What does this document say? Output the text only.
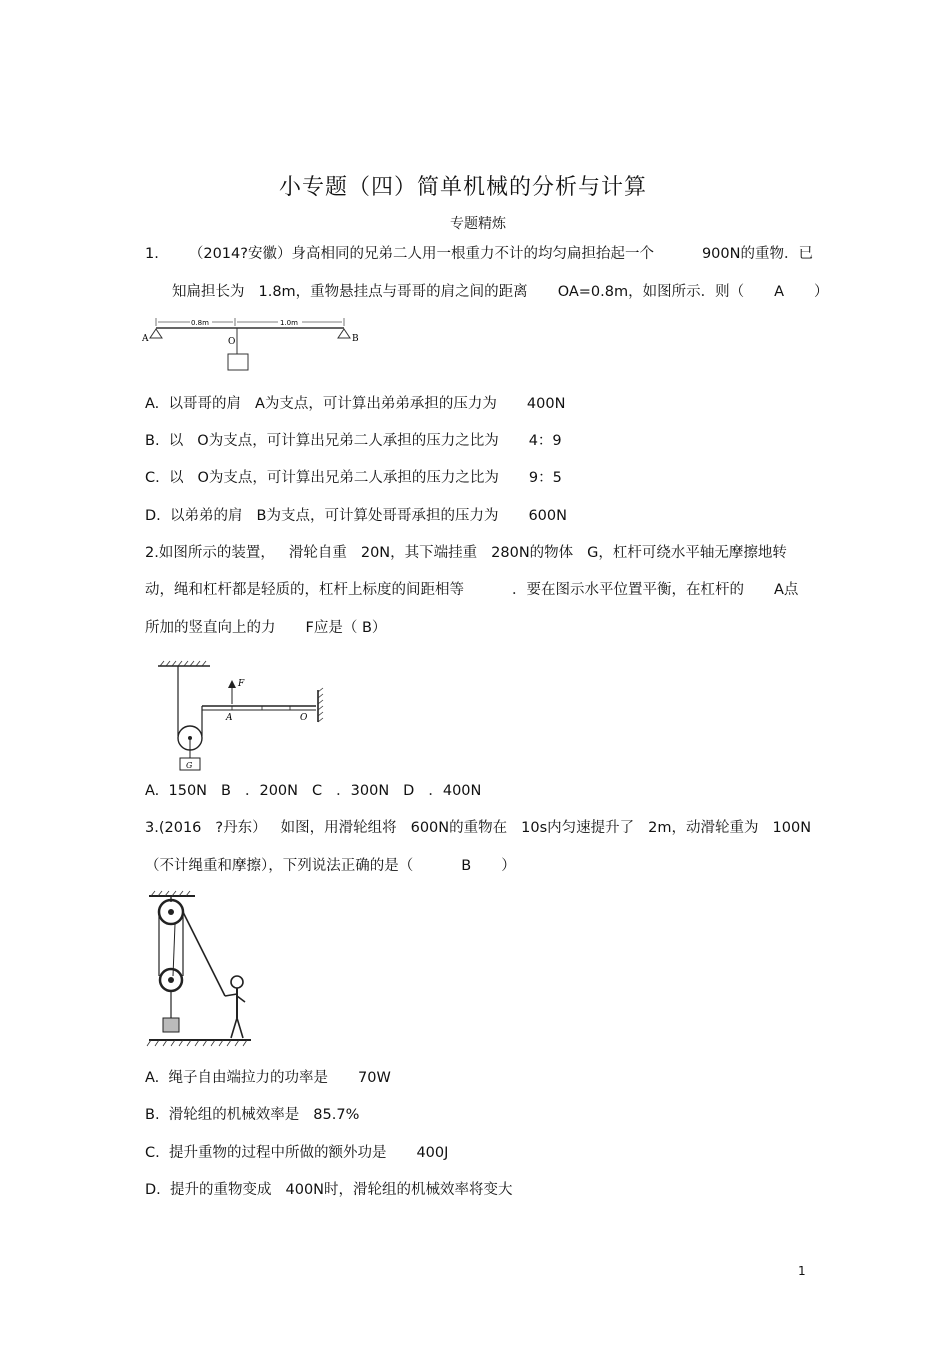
小专题（四）简单机械的分析与计算
专题精炼
1. （2014?安徽）身高相同的兄弟二人用一根重力不计的均匀扁担抬起一个	900N的重物．已
知扁担长为 1.8m，重物悬挂点与哥哥的肩之间的距离 OA=0.8m，如图所示．则（ A ）
A
0.8m	1.0m
B
O
A. 以哥哥的肩 A为支点，可计算出弟弟承担的压力为 400N
B. 以 O为支点，可计算出兄弟二人承担的压力之比为 4：9
C. 以 O为支点，可计算出兄弟二人承担的压力之比为 9：5
D. 以弟弟的肩 B为支点，可计算处哥哥承担的压力为 600N
2.如图所示的装置， 滑轮自重 20N，其下端挂重 280N的物体 G，杠杆可绕水平轴无摩擦地转
动，绳和杠杆都是轻质的，杠杆上标度的间距相等	．要在图示水平位置平衡，在杠杆的 A点
所加的竖直向上的力 F应是（ B）
F
A	O
G
A. 150N B ．200N C ．300N D ．400N
3.(2016 ?丹东） 如图，用滑轮组将 600N的重物在 10s内匀速提升了 2m，动滑轮重为 100N
（不计绳重和摩擦），下列说法正确的是（	B ）
A. 绳子自由端拉力的功率是 70W
B. 滑轮组的机械效率是 85.7%
C. 提升重物的过程中所做的额外功是 400J
D. 提升的重物变成 400N时，滑轮组的机械效率将变大
1
